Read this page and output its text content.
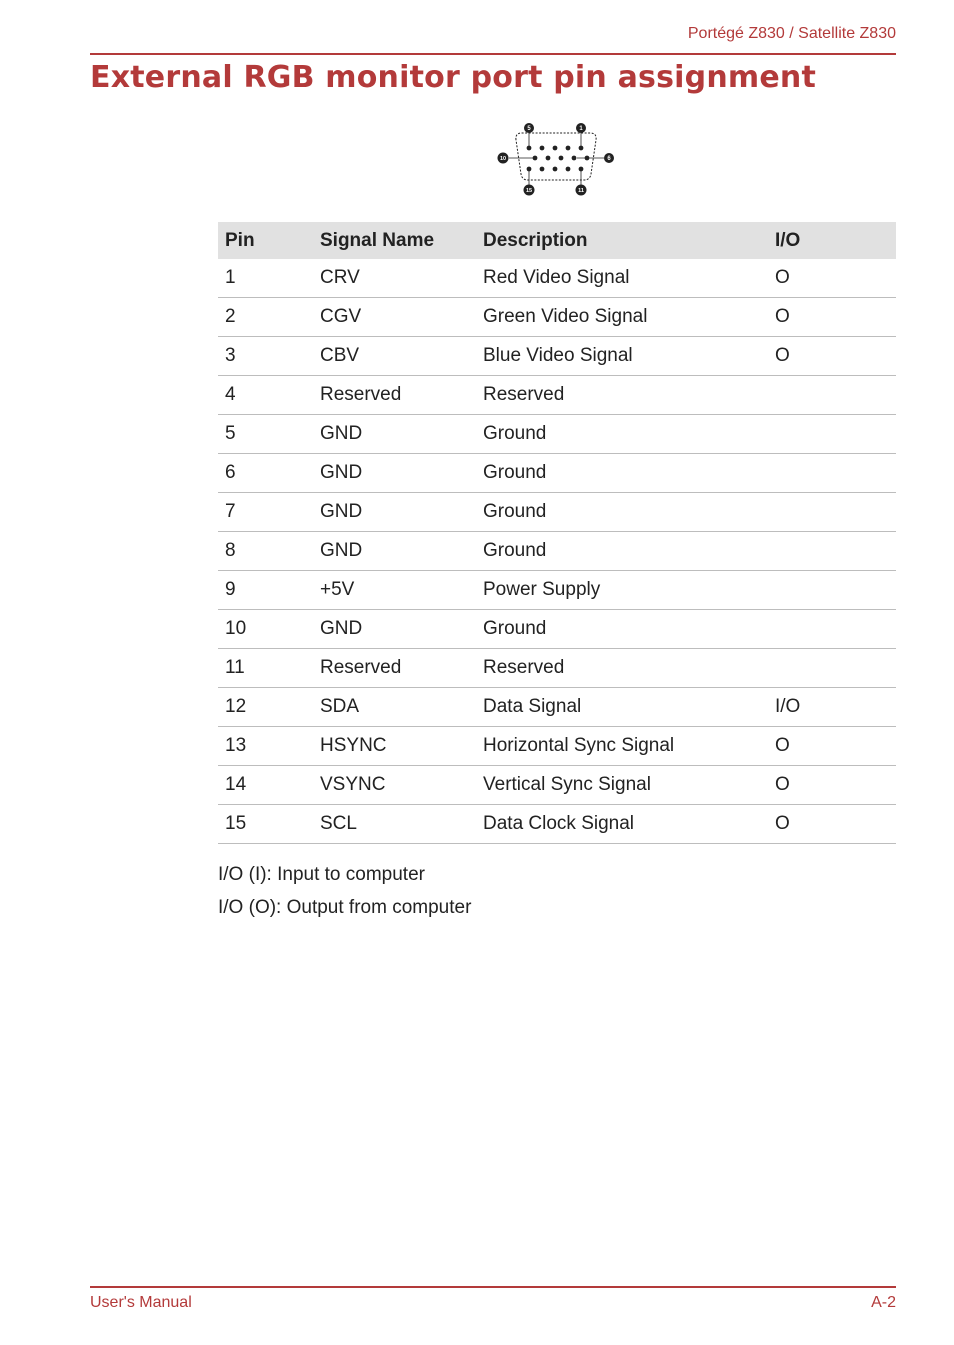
Portégé Z830 / Satellite Z830
External RGB monitor port pin assignment
5	1
10	6
15	11
Pin	Signal Name	Description	I/O
1	CRV	Red Video Signal	O
2	CGV	Green Video Signal	O
3	CBV	Blue Video Signal	O
4	Reserved	Reserved	
5	GND	Ground	
6	GND	Ground	
7	GND	Ground	
8	GND	Ground	
9	+5V	Power Supply	
10	GND	Ground	
11	Reserved	Reserved	
12	SDA	Data Signal	I/O
13	HSYNC	Horizontal Sync Signal	O
14	VSYNC	Vertical Sync Signal	O
15	SCL	Data Clock Signal	O
I/O (I): Input to computer
I/O (O): Output from computer
User's Manual	A-2
